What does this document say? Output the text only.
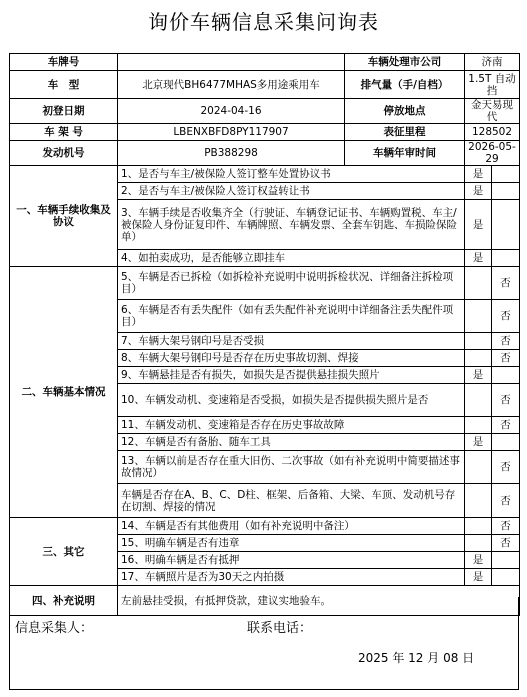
询价车辆信息采集问询表
车牌号		车辆处理市公司	济南	
车　型	北京现代BH6477MHAS多用途乘用车	排气量（手/自档）	1.5T 自动挡	
初登日期	2024-04-16	停放地点	金天易现代	
车 架 号	LBENXBFD8PY117907	表征里程	128502	
发动机号	PB388298	车辆年审时间	2026-05-29	
一、车辆手续收集及协议	1、是否与车主/被保险人签订整车处置协议书		是	
	2、是否与车主/被保险人签订权益转让书		是	
	3、车辆手续是否收集齐全（行驶证、车辆登记证书、车辆购置税、车主/被保险人身份证复印件、车辆牌照、车辆发票、全套车钥匙、车损险保险单）		是	
	4、如拍卖成功，是否能够立即挂车		是	
二、车辆基本情况	5、车辆是否已拆检（如拆检补充说明中说明拆检状况、详细备注拆检项目）			否
	6、车辆是否有丢失配件（如有丢失配件补充说明中详细备注丢失配件项目）			否
	7、车辆大架号钢印号是否受损			否
	8、车辆大架号钢印号是否存在历史事故切割、焊接			否
	9、车辆悬挂是否有损失，如损失是否提供悬挂损失照片		是	
	10、车辆发动机、变速箱是否受损，如损失是否提供损失照片是否			否
	11、车辆发动机、变速箱是否存在历史事故故障			否
	12、车辆是否有备胎、随车工具		是	
	13、车辆以前是否存在重大旧伤、二次事故（如有补充说明中简要描述事故情况）			否
	车辆是否存在A、B、C、D柱、框架、后备箱、大梁、车顶、发动机号存在切割、焊接的情况			否
三、其它	14、车辆是否有其他费用（如有补充说明中备注）			否
	15、明确车辆是否有违章			否
	16、明确车辆是否有抵押		是	
	17、车辆照片是否为30天之内拍摄		是	
四、补充说明	左前悬挂受损，有抵押贷款，建议实地验车。			
信息采集人：	联系电话：
2025 年 12 月 08 日
